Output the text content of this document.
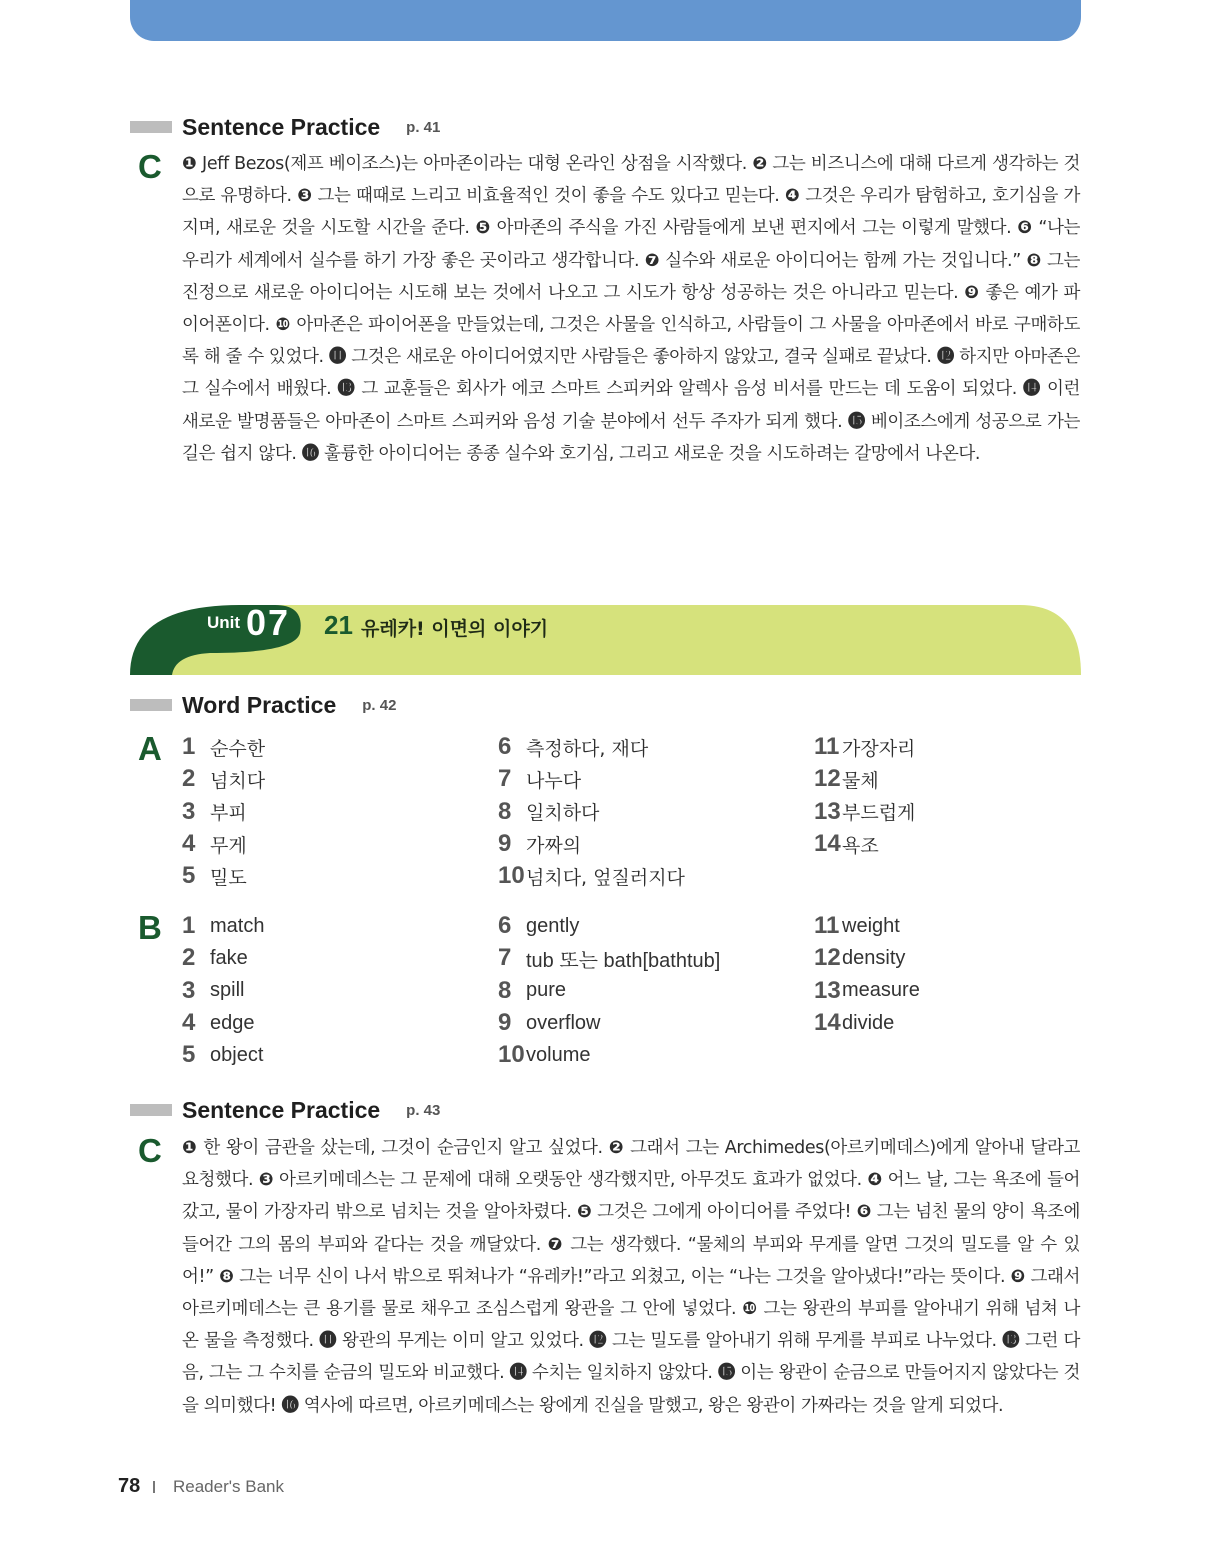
Sentence Practice p. 41
C ❶ Jeff Bezos(제프 베이조스)는 아마존이라는 대형 온라인 상점을 시작했다. ❷ 그는 비즈니스에 대해 다르게 생각하는 것으로 유명하다. ❸ 그는 때때로 느리고 비효율적인 것이 좋을 수도 있다고 믿는다. ❹ 그것은 우리가 탐험하고, 호기심을 가지며, 새로운 것을 시도할 시간을 준다. ❺ 아마존의 주식을 가진 사람들에게 보낸 편지에서 그는 이렇게 말했다. ❻ “나는 우리가 세계에서 실수를 하기 가장 좋은 곳이라고 생각합니다. ❼ 실수와 새로운 아이디어는 함께 가는 것입니다.” ❽ 그는 진정으로 새로운 아이디어는 시도해 보는 것에서 나오고 그 시도가 항상 성공하는 것은 아니라고 믿는다. ❾ 좋은 예가 파이어폰이다. ❿ 아마존은 파이어폰을 만들었는데, 그것은 사물을 인식하고, 사람들이 그 사물을 아마존에서 바로 구매하도록 해 줄 수 있었다. ⓫ 그것은 새로운 아이디어였지만 사람들은 좋아하지 않았고, 결국 실패로 끝났다. ⓬ 하지만 아마존은 그 실수에서 배웠다. ⓭ 그 교훈들은 회사가 에코 스마트 스피커와 알렉사 음성 비서를 만드는 데 도움이 되었다. ⓮ 이런 새로운 발명품들은 아마존이 스마트 스피커와 음성 기술 분야에서 선두 주자가 되게 했다. ⓯ 베이조스에게 성공으로 가는 길은 쉽지 않다. ⓰ 훌륭한 아이디어는 종종 실수와 호기심, 그리고 새로운 것을 시도하려는 갈망에서 나온다.
Unit 07 21 유레카! 이면의 이야기
Word Practice p. 42
A 1 순수한
2 넘치다
3 부피
4 무게
5 밀도
6 측정하다, 재다
7 나누다
8 일치하다
9 가짜의
10 넘치다, 엎질러지다
11 가장자리
12 물체
13 부드럽게
14 욕조
B 1 match
2 fake
3 spill
4 edge
5 object
6 gently
7 tub 또는 bath[bathtub]
8 pure
9 overflow
10 volume
11 weight
12 density
13 measure
14 divide
Sentence Practice p. 43
C ❶ 한 왕이 금관을 샀는데, 그것이 순금인지 알고 싶었다. ❷ 그래서 그는 Archimedes(아르키메데스)에게 알아내 달라고 요청했다. ❸ 아르키메데스는 그 문제에 대해 오랫동안 생각했지만, 아무것도 효과가 없었다. ❹ 어느 날, 그는 욕조에 들어갔고, 물이 가장자리 밖으로 넘치는 것을 알아차렸다. ❺ 그것은 그에게 아이디어를 주었다! ❻ 그는 넘친 물의 양이 욕조에 들어간 그의 몸의 부피와 같다는 것을 깨달았다. ❼ 그는 생각했다. “물체의 부피와 무게를 알면 그것의 밀도를 알 수 있어!” ❽ 그는 너무 신이 나서 밖으로 뛰쳐나가 “유레카!”라고 외쳤고, 이는 “나는 그것을 알아냈다!”라는 뜻이다. ❾ 그래서 아르키메데스는 큰 용기를 물로 채우고 조심스럽게 왕관을 그 안에 넣었다. ❿ 그는 왕관의 부피를 알아내기 위해 넘쳐 나온 물을 측정했다. ⓫ 왕관의 무게는 이미 알고 있었다. ⓬ 그는 밀도를 알아내기 위해 무게를 부피로 나누었다. ⓭ 그런 다음, 그는 그 수치를 순금의 밀도와 비교했다. ⓮ 수치는 일치하지 않았다. ⓯ 이는 왕관이 순금으로 만들어지지 않았다는 것을 의미했다! ⓰ 역사에 따르면, 아르키메데스는 왕에게 진실을 말했고, 왕은 왕관이 가짜라는 것을 알게 되었다.
78 Reader's Bank
